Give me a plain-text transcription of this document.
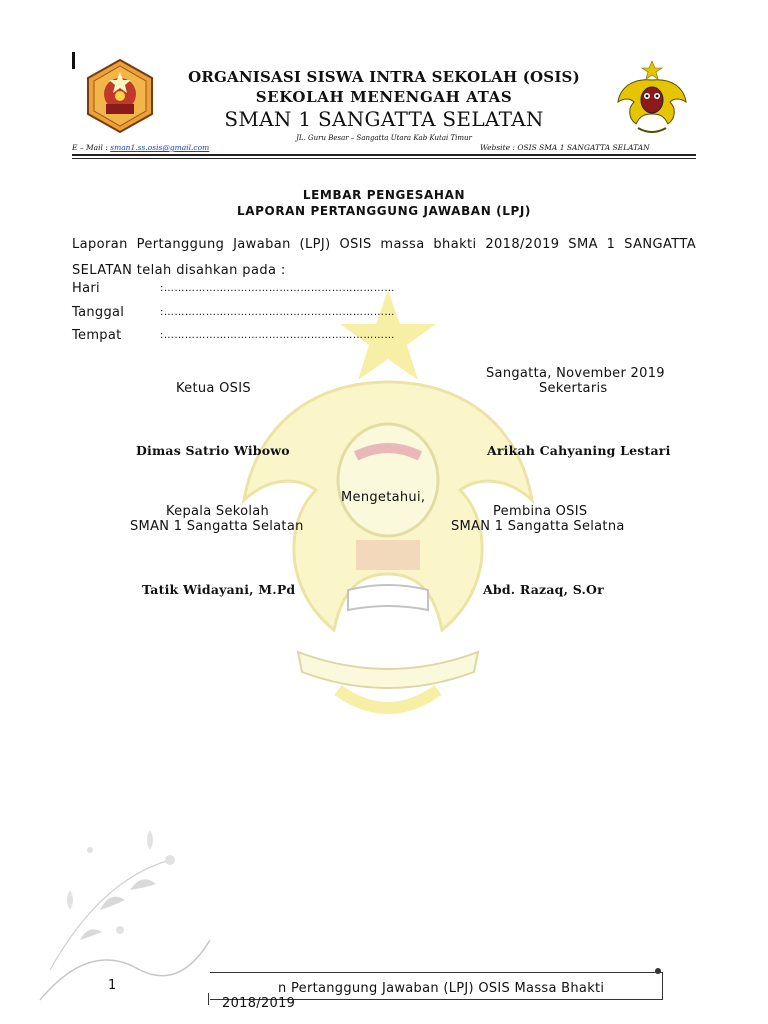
ORGANISASI SISWA INTRA SEKOLAH (OSIS)
SEKOLAH MENENGAH ATAS
SMAN 1 SANGATTA SELATAN
JL. Guru Besar – Sangatta Utara Kab Kutai Timur
E – Mail : sman1.ss.osis@gmail.com	Website : OSIS SMA 1 SANGATTA SELATAN
LEMBAR PENGESAHAN
LAPORAN PERTANGGUNG JAWABAN (LPJ)
Laporan Pertanggung Jawaban (LPJ) OSIS massa bhakti 2018/2019 SMA 1 SANGATTA SELATAN telah disahkan pada :
Hari	:…………………………………………………………
Tanggal	:…………………………………………………………
Tempat	:…………………………………………………………
Sangatta, November 2019
Ketua OSIS	Sekertaris
Dimas Satrio Wibowo	Arikah Cahyaning Lestari
Mengetahui,
Kepala Sekolah
SMAN 1 Sangatta Selatan
Pembina OSIS
SMAN 1 Sangatta Selatna
Tatik Widayani, M.Pd	Abd. Razaq, S.Or
1	n Pertanggung Jawaban (LPJ) OSIS Massa Bhakti
2018/2019
